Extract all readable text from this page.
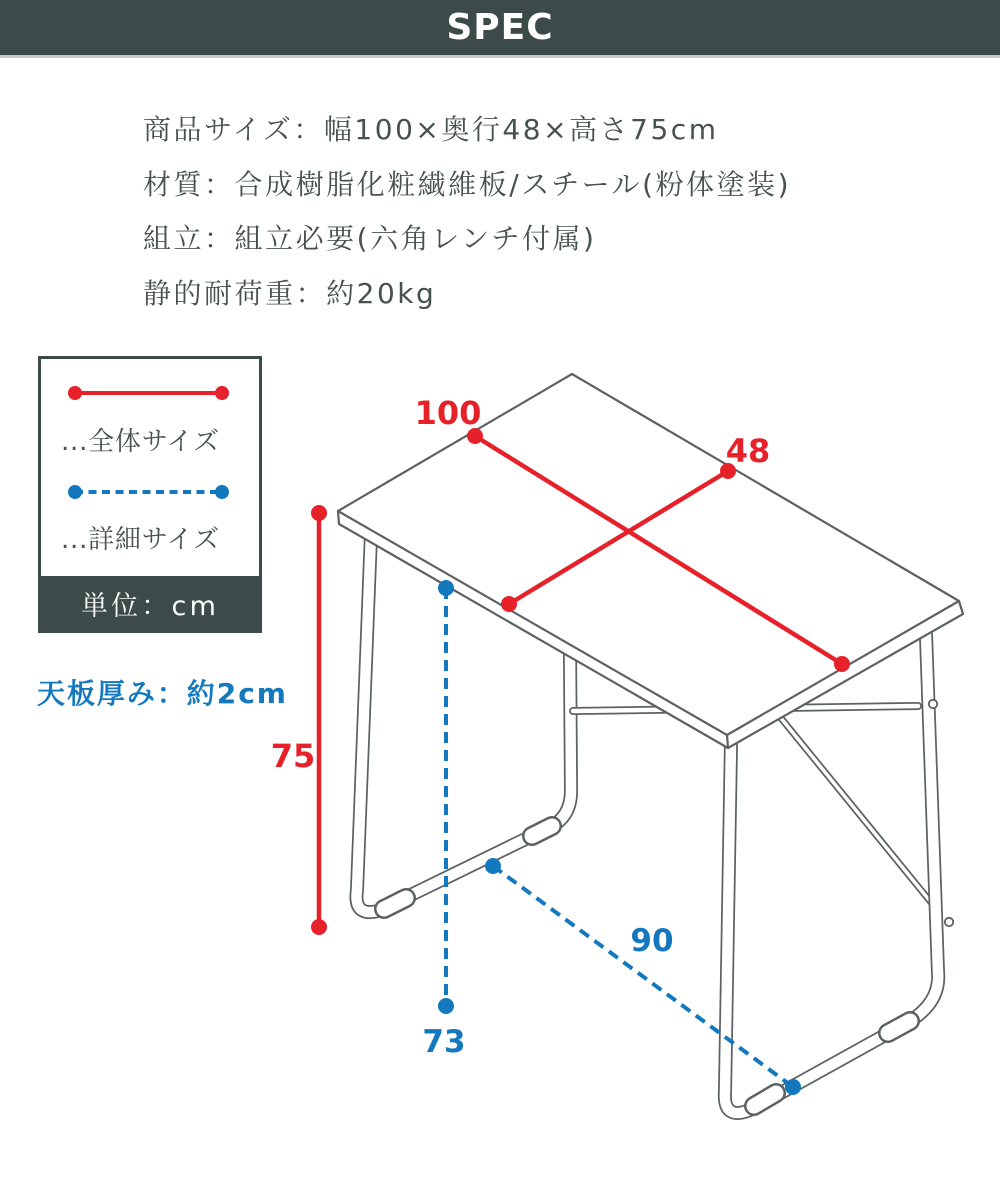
SPEC
商品サイズ：幅100×奥行48×高さ75cm
材質：合成樹脂化粧繊維板/スチール(粉体塗装)
組立：組立必要(六角レンチ付属)
静的耐荷重：約20kg
...全体サイズ
...詳細サイズ
単位：cm
天板厚み：約2cm
100
48
75
73
90
